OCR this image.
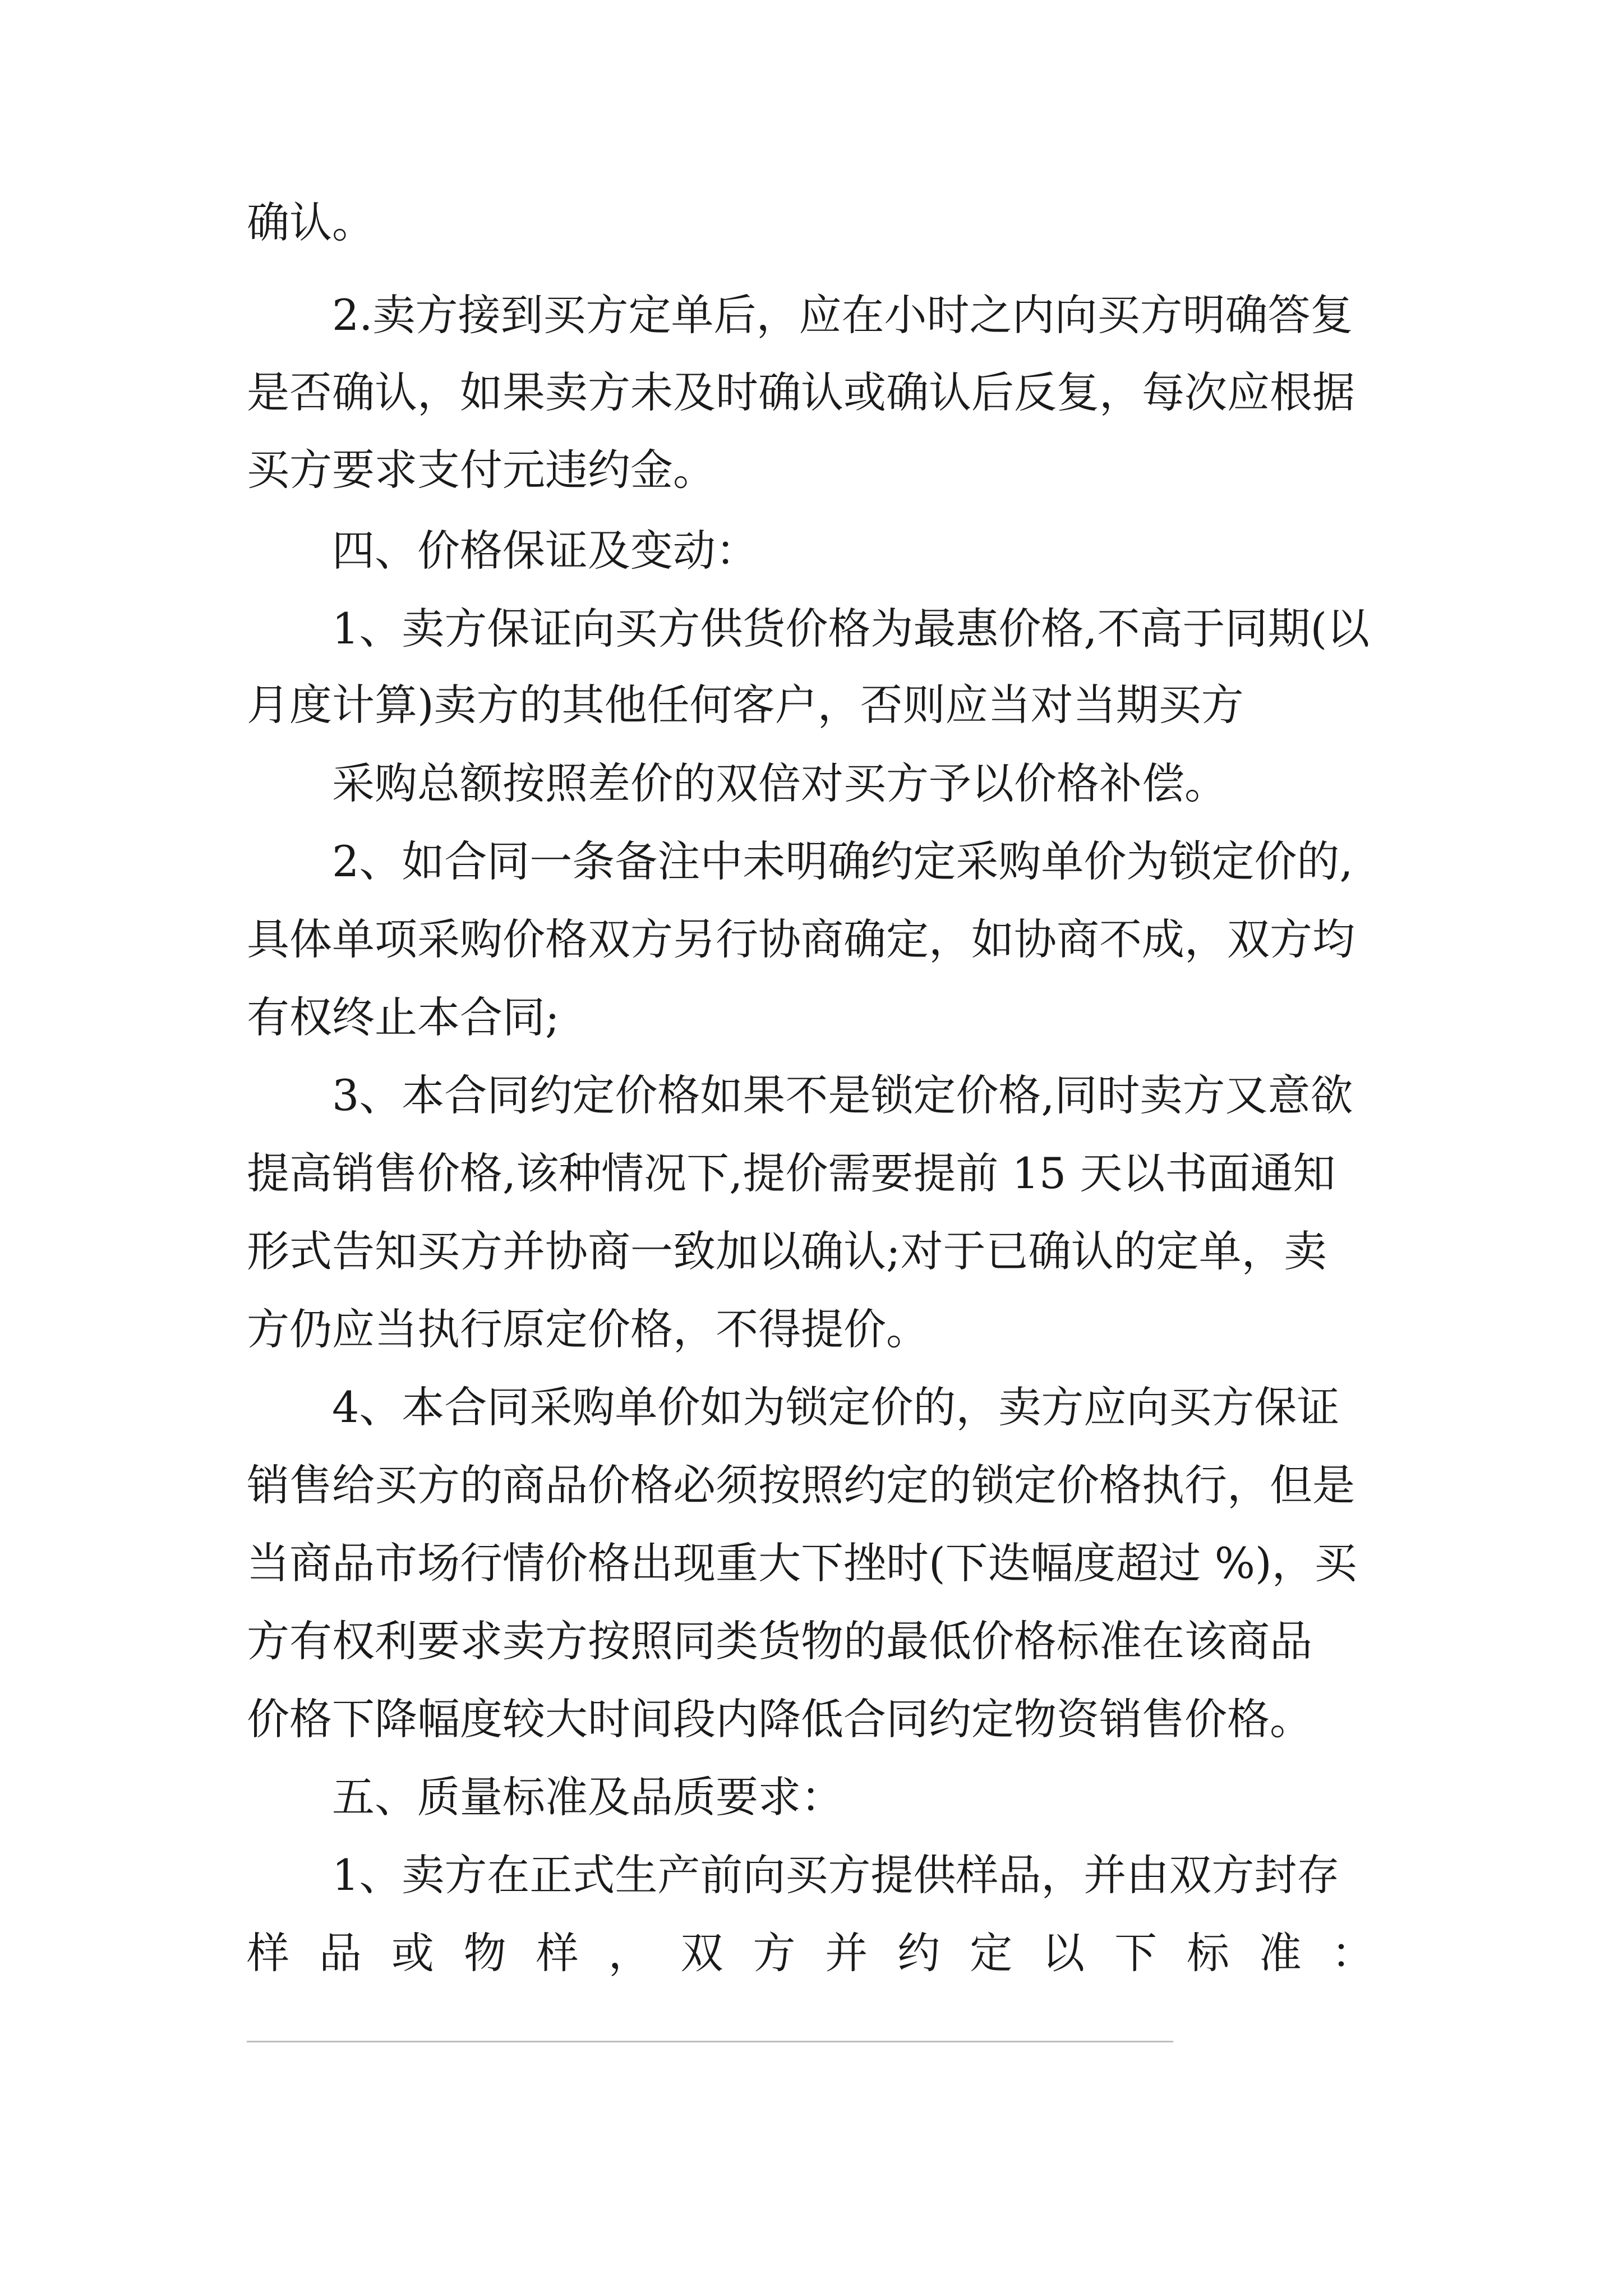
确认。
2.卖方接到买方定单后，应在小时之内向买方明确答复
是否确认，如果卖方未及时确认或确认后反复，每次应根据
买方要求支付元违约金。
四、价格保证及变动：
1、卖方保证向买方供货价格为最惠价格,不高于同期(以
月度计算)卖方的其他任何客户，否则应当对当期买方
采购总额按照差价的双倍对买方予以价格补偿。
2、如合同一条备注中未明确约定采购单价为锁定价的,
具体单项采购价格双方另行协商确定，如协商不成，双方均
有权终止本合同;
3、本合同约定价格如果不是锁定价格,同时卖方又意欲
提高销售价格,该种情况下,提价需要提前 15 天以书面通知
形式告知买方并协商一致加以确认;对于已确认的定单，卖
方仍应当执行原定价格，不得提价。
4、本合同采购单价如为锁定价的，卖方应向买方保证
销售给买方的商品价格必须按照约定的锁定价格执行，但是
当商品市场行情价格出现重大下挫时(下迭幅度超过 %)，买
方有权利要求卖方按照同类货物的最低价格标准在该商品
价格下降幅度较大时间段内降低合同约定物资销售价格。
五、质量标准及品质要求：
1、卖方在正式生产前向买方提供样品，并由双方封存
样 品 或 物 样 ， 双 方 并 约 定 以 下 标 准 ：
